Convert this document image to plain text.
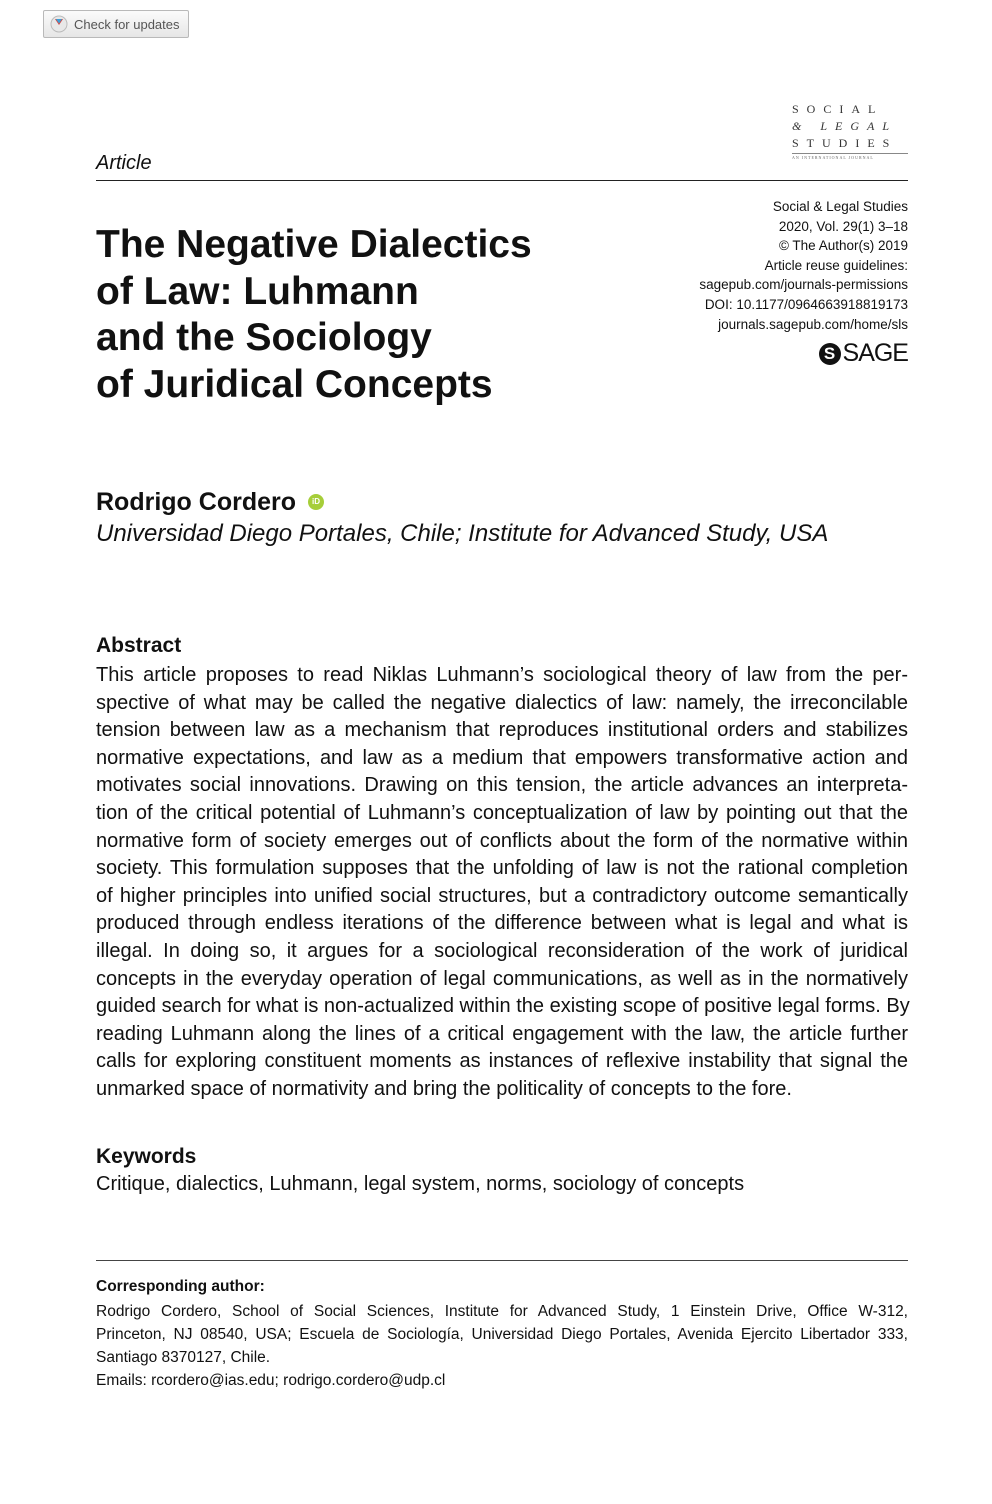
Check for updates
SOCIAL
& LEGAL
STUDIES
AN INTERNATIONAL JOURNAL
Article
Social & Legal Studies
2020, Vol. 29(1) 3–18
© The Author(s) 2019
Article reuse guidelines:
sagepub.com/journals-permissions
DOI: 10.1177/0964663918819173
journals.sagepub.com/home/sls
S SAGE
The Negative Dialectics
of Law: Luhmann
and the Sociology
of Juridical Concepts
Rodrigo Cordero	iD
Universidad Diego Portales, Chile; Institute for Advanced Study, USA
Abstract
This article proposes to read Niklas Luhmann’s sociological theory of law from the per-
spective of what may be called the negative dialectics of law: namely, the irreconcilable
tension between law as a mechanism that reproduces institutional orders and stabilizes
normative expectations, and law as a medium that empowers transformative action and
motivates social innovations. Drawing on this tension, the article advances an interpreta-
tion of the critical potential of Luhmann’s conceptualization of law by pointing out that the
normative form of society emerges out of conflicts about the form of the normative within
society. This formulation supposes that the unfolding of law is not the rational completion
of higher principles into unified social structures, but a contradictory outcome semantically
produced through endless iterations of the difference between what is legal and what is
illegal. In doing so, it argues for a sociological reconsideration of the work of juridical
concepts in the everyday operation of legal communications, as well as in the normatively
guided search for what is non-actualized within the existing scope of positive legal forms. By
reading Luhmann along the lines of a critical engagement with the law, the article further
calls for exploring constituent moments as instances of reflexive instability that signal the
unmarked space of normativity and bring the politicality of concepts to the fore.
Keywords

Critique, dialectics, Luhmann, legal system, norms, sociology of concepts

Corresponding author:

Rodrigo Cordero, School of Social Sciences, Institute for Advanced Study, 1 Einstein Drive, Office W-312,
Princeton, NJ 08540, USA; Escuela de Sociología, Universidad Diego Portales, Avenida Ejercito Libertador 333,
Santiago 8370127, Chile.
Emails: rcordero@ias.edu; rodrigo.cordero@udp.cl
